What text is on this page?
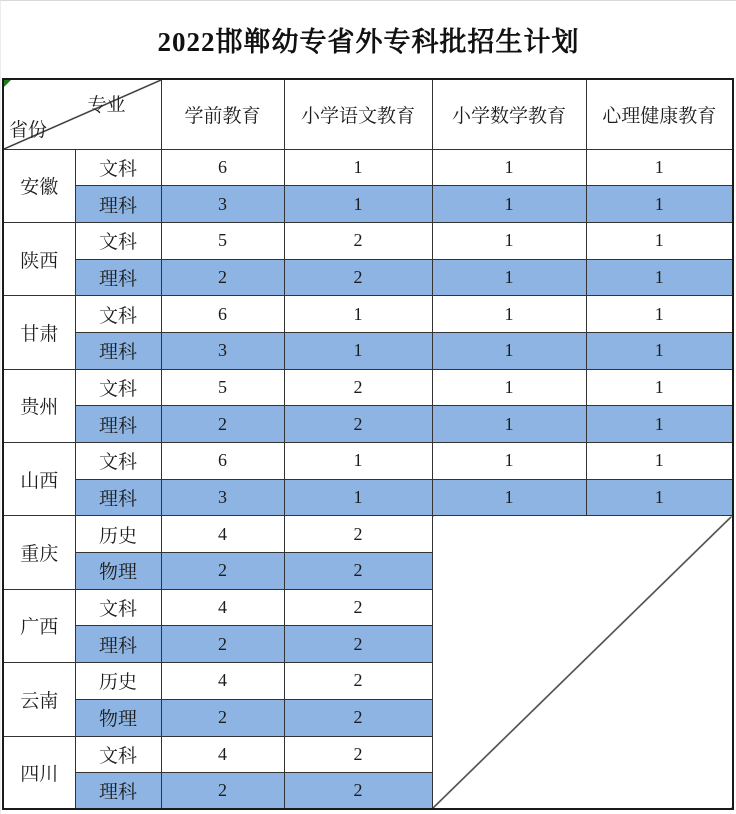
2022邯郸幼专省外专科批招生计划
专业
省份		学前教育	小学语文教育	小学数学教育	心理健康教育
安徽	文科	6	1	1	1
	理科	3	1	1	1
陕西	文科	5	2	1	1
	理科	2	2	1	1
甘肃	文科	6	1	1	1
	理科	3	1	1	1
贵州	文科	5	2	1	1
	理科	2	2	1	1
山西	文科	6	1	1	1
	理科	3	1	1	1
重庆	历史	4	2		
	物理	2	2		
广西	文科	4	2		
	理科	2	2		
云南	历史	4	2		
	物理	2	2		
四川	文科	4	2		
	理科	2	2		
